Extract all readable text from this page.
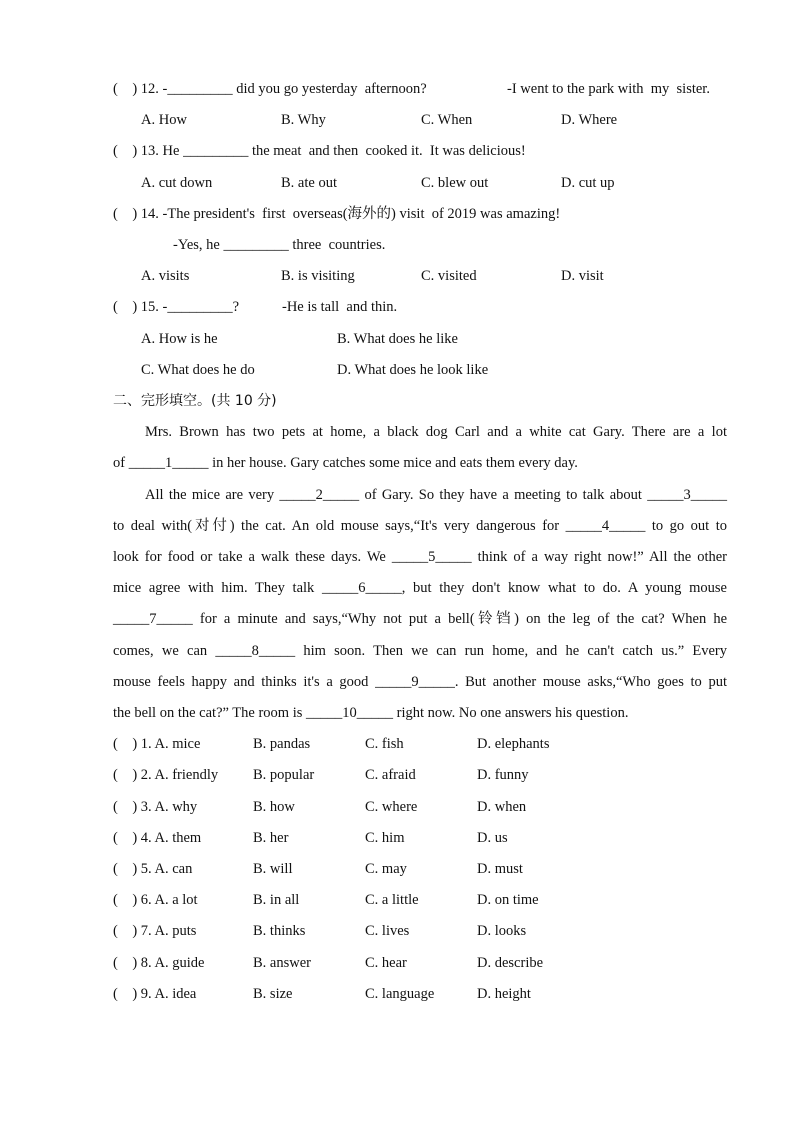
(    ) 12. -_________ did you go yesterday  afternoon?	-I went to the park with  my  sister.
A. How	B. Why	C. When	D. Where
(    ) 13. He _________ the meat  and then  cooked it.  It was delicious!
A. cut down	B. ate out	C. blew out	D. cut up
(    ) 14. -The president's  first  overseas(海外的) visit  of 2019 was amazing!
-Yes, he _________ three  countries.
A. visits	B. is visiting	C. visited	D. visit
(    ) 15. -_________?	-He is tall  and thin.
A. How is he	B. What does he like
C. What does he do	D. What does he look like
二、完形填空。(共 10 分)
Mrs. Brown has two pets at home, a black dog Carl and a white cat Gary. There are a lot
of _____1_____ in her house. Gary catches some mice and eats them every day.
All the mice are very _____2_____ of Gary. So they have a meeting to talk about _____3_____
to deal with(对付) the cat. An old mouse says,“It's very dangerous for _____4_____ to go out to
look for food or take a walk these days. We _____5_____ think of a way right now!” All the other
mice agree with him. They talk _____6_____, but they don't know what to do. A young mouse
_____7_____ for a minute and says,“Why not put a bell(铃铛) on the leg of the cat? When he
comes, we can _____8_____ him soon. Then we can run home, and he can't catch us.” Every
mouse feels happy and thinks it's a good _____9_____. But another mouse asks,“Who goes to put
the bell on the cat?” The room is _____10_____ right now. No one answers his question.
(    ) 1. A. mice	B. pandas	C. fish	D. elephants
(    ) 2. A. friendly B. popular	C. afraid	D. funny
(    ) 3. A. why	B. how	C. where	D. when
(    ) 4. A. them	B. her	C. him	D. us
(    ) 5. A. can	B. will	C. may	D. must
(    ) 6. A. a lot	B. in all	C. a little	D. on time
(    ) 7. A. puts	B. thinks	C. lives	D. looks
(    ) 8. A. guide	B. answer	C. hear	D. describe
(    ) 9. A. idea	B. size	C. language	D. height
